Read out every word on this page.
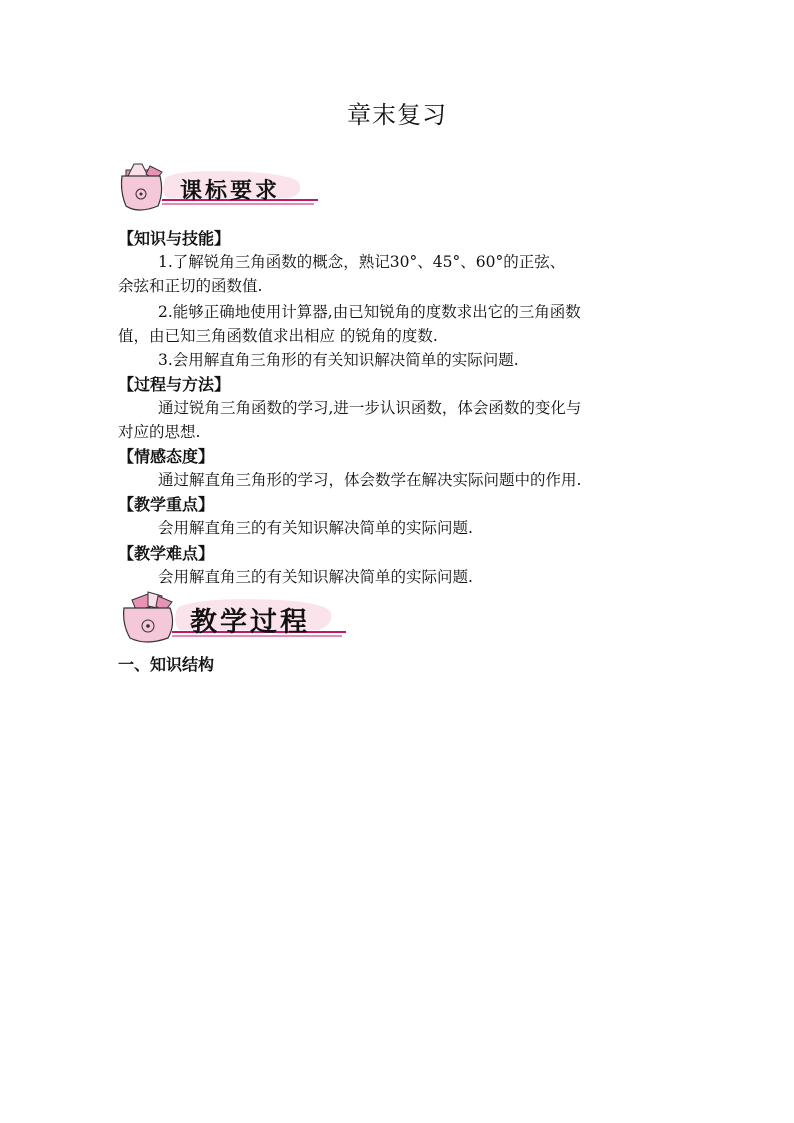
章末复习
课标要求
【知识与技能】
1.了解锐角三角函数的概念，熟记30°、45°、60°的正弦、
余弦和正切的函数值.
2.能够正确地使用计算器,由已知锐角的度数求出它的三角函数
值，由已知三角函数值求出相应 的锐角的度数.
3.会用解直角三角形的有关知识解决简单的实际问题.
【过程与方法】
通过锐角三角函数的学习,进一步认识函数，体会函数的变化与
对应的思想.
【情感态度】
通过解直角三角形的学习，体会数学在解决实际问题中的作用.
【教学重点】
会用解直角三的有关知识解决简单的实际问题.
【教学难点】
会用解直角三的有关知识解决简单的实际问题.
教学过程
一、知识结构
